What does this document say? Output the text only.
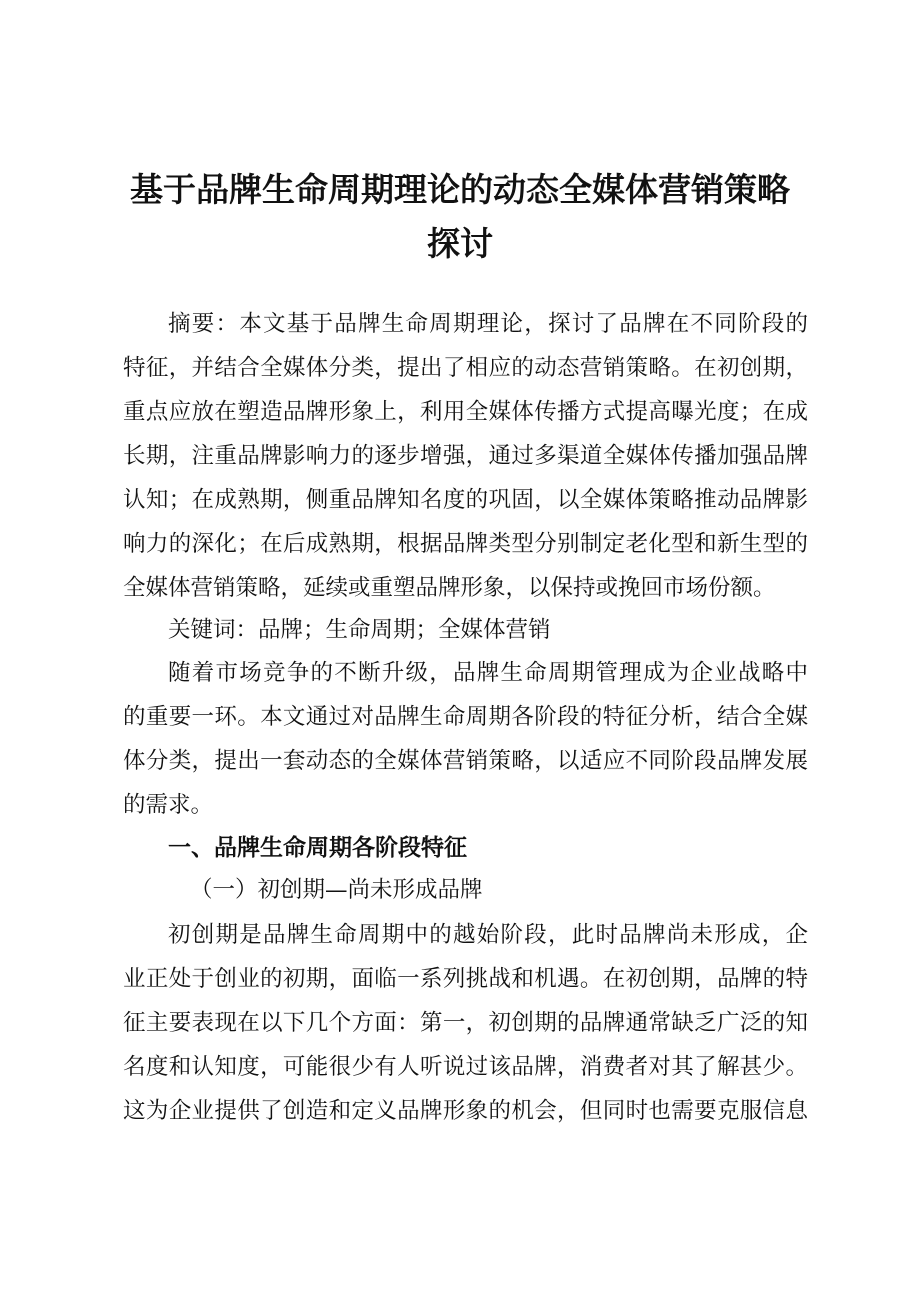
基于品牌生命周期理论的动态全媒体营销策略
探讨
摘要：本文基于品牌生命周期理论，探讨了品牌在不同阶段的
特征，并结合全媒体分类，提出了相应的动态营销策略。在初创期，
重点应放在塑造品牌形象上，利用全媒体传播方式提高曝光度；在成
长期，注重品牌影响力的逐步增强，通过多渠道全媒体传播加强品牌
认知；在成熟期，侧重品牌知名度的巩固，以全媒体策略推动品牌影
响力的深化；在后成熟期，根据品牌类型分别制定老化型和新生型的
全媒体营销策略，延续或重塑品牌形象，以保持或挽回市场份额。
关键词：品牌；生命周期；全媒体营销
随着市场竞争的不断升级，品牌生命周期管理成为企业战略中
的重要一环。本文通过对品牌生命周期各阶段的特征分析，结合全媒
体分类，提出一套动态的全媒体营销策略，以适应不同阶段品牌发展
的需求。
一、品牌生命周期各阶段特征
（一）初创期—尚未形成品牌
初创期是品牌生命周期中的越始阶段，此时品牌尚未形成，企
业正处于创业的初期，面临一系列挑战和机遇。在初创期，品牌的特
征主要表现在以下几个方面：第一，初创期的品牌通常缺乏广泛的知
名度和认知度，可能很少有人听说过该品牌，消费者对其了解甚少。
这为企业提供了创造和定义品牌形象的机会，但同时也需要克服信息
